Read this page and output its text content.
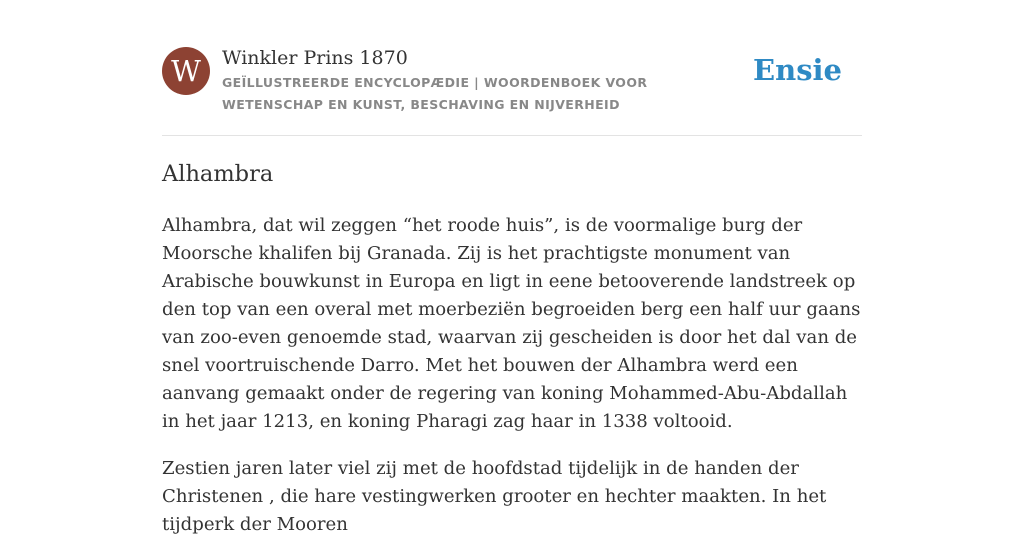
W	Winkler Prins 1870
GEÏLLUSTREERDE ENCYCLOPÆDIE | WOORDENBOEK VOOR WETENSCHAP EN KUNST, BESCHAVING EN NIJVERHEID
Ensie
Alhambra

Alhambra, dat wil zeggen “het roode huis”, is de voormalige burg der Moorsche khalifen bij Granada. Zij is het prachtigste monument van Arabische bouwkunst in Europa en ligt in eene betooverende landstreek op den top van een overal met moerbeziën begroeiden berg een half uur gaans van zoo-even genoemde stad, waarvan zij gescheiden is door het dal van de snel voortruischende Darro. Met het bouwen der Alhambra werd een aanvang gemaakt onder de regering van koning Mohammed-Abu-Abdallah in het jaar 1213, en koning Pharagi zag haar in 1338 voltooid.

Zestien jaren later viel zij met de hoofdstad tijdelijk in de handen der Christenen , die hare vestingwerken grooter en hechter maakten. In het tijdperk der Mooren
